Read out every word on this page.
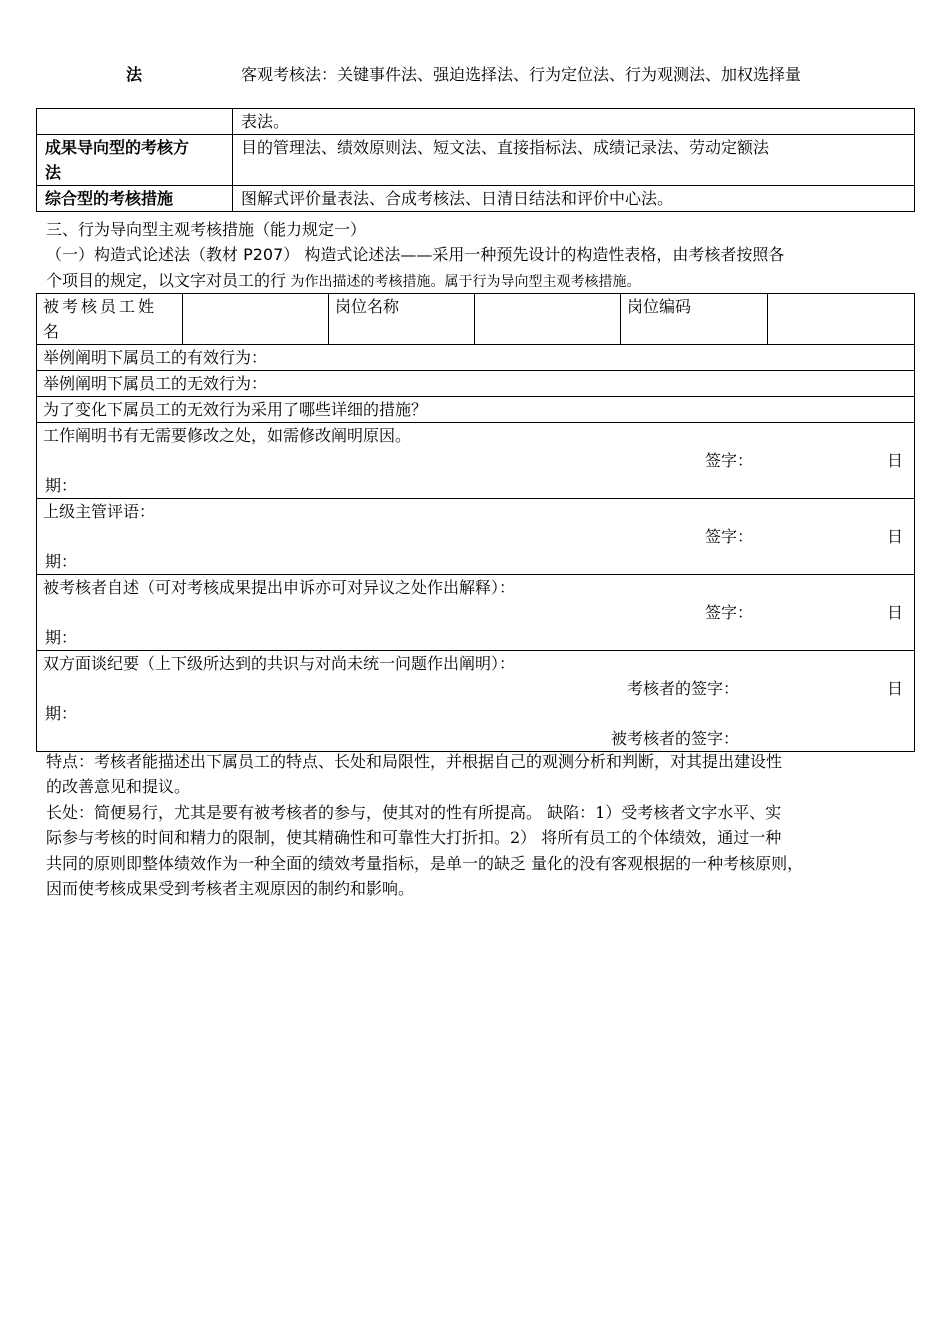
法	客观考核法：关键事件法、强迫选择法、行为定位法、行为观测法、加权选择量
	表法。

成果导向型的考核方
法	目的管理法、绩效原则法、短文法、直接指标法、成绩记录法、劳动定额法
综合型的考核措施	图解式评价量表法、合成考核法、日清日结法和评价中心法。
三、行为导向型主观考核措施（能力规定一）
（一）构造式论述法（教材 P207） 构造式论述法——采用一种预先设计的构造性表格，由考核者按照各
个项目的规定，以文字对员工的行 为作出描述的考核措施。属于行为导向型主观考核措施。
被考核员工姓
名
		岗位名称		岗位编码	
举例阐明下属员工的有效行为：
举例阐明下属员工的无效行为：
为了变化下属员工的无效行为采用了哪些详细的措施？

工作阐明书有无需要修改之处，如需修改阐明原因。
签字：	日
期：

上级主管评语：
签字：	日
期：

被考核者自述（可对考核成果提出申诉亦可对异议之处作出解释）：
签字：	日
期：

双方面谈纪要（上下级所达到的共识与对尚未统一问题作出阐明）：
考核者的签字：	日
期：
被考核者的签字：
特点：考核者能描述出下属员工的特点、长处和局限性，并根据自己的观测分析和判断，对其提出建设性
的改善意见和提议。
长处：简便易行，尤其是要有被考核者的参与，使其对的性有所提高。 缺陷：1）受考核者文字水平、实
际参与考核的时间和精力的限制，使其精确性和可靠性大打折扣。2） 将所有员工的个体绩效，通过一种
共同的原则即整体绩效作为一种全面的绩效考量指标，是单一的缺乏 量化的没有客观根据的一种考核原则，
因而使考核成果受到考核者主观原因的制约和影响。
